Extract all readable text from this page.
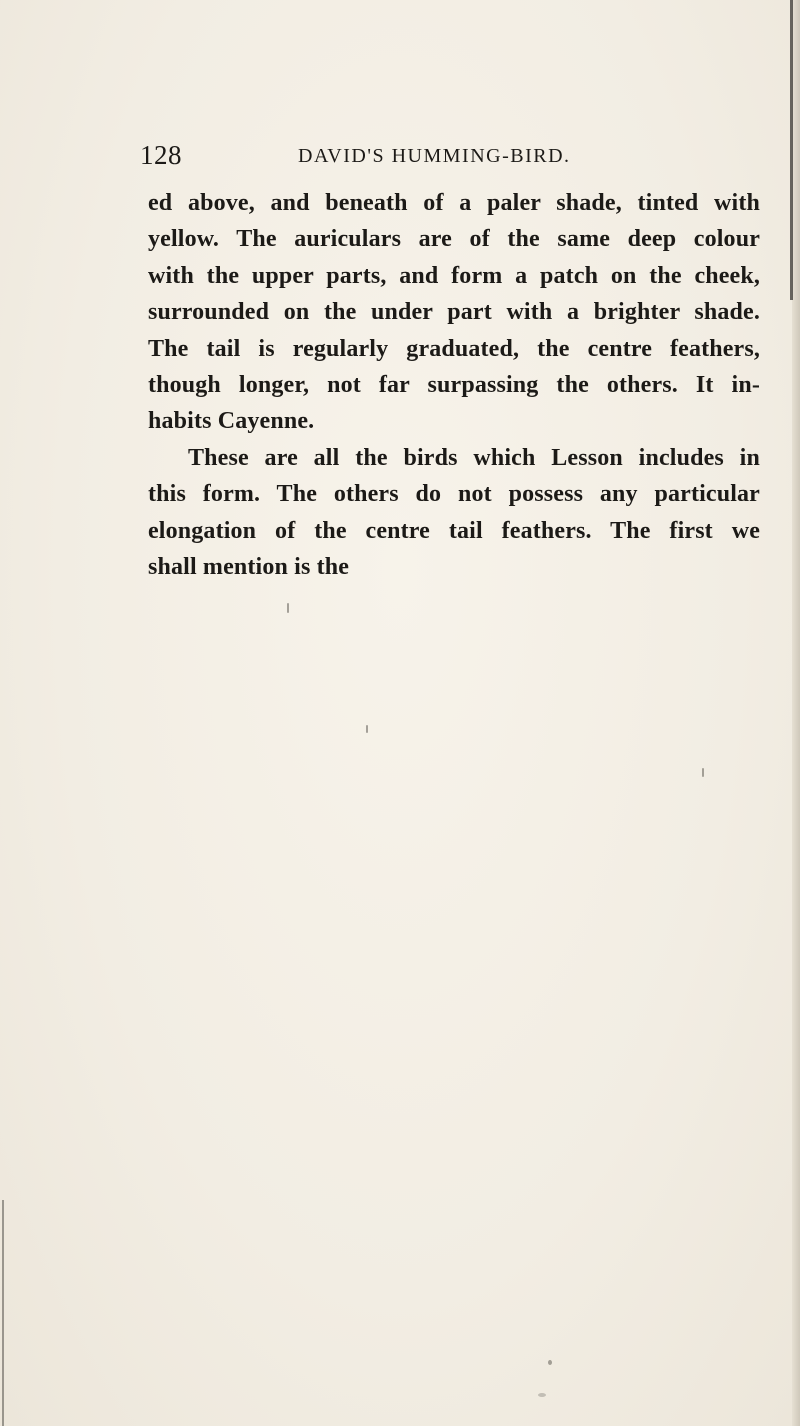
128	DAVID'S HUMMING-BIRD.
ed above, and beneath of a paler shade, tinted with
yellow. The auriculars are of the same deep colour
with the upper parts, and form a patch on the cheek,
surrounded on the under part with a brighter shade.
The tail is regularly graduated, the centre feathers,
though longer, not far surpassing the others. It in-
habits Cayenne.
These are all the birds which Lesson includes in
this form. The others do not possess any particular
elongation of the centre tail feathers. The first we
shall mention is the
